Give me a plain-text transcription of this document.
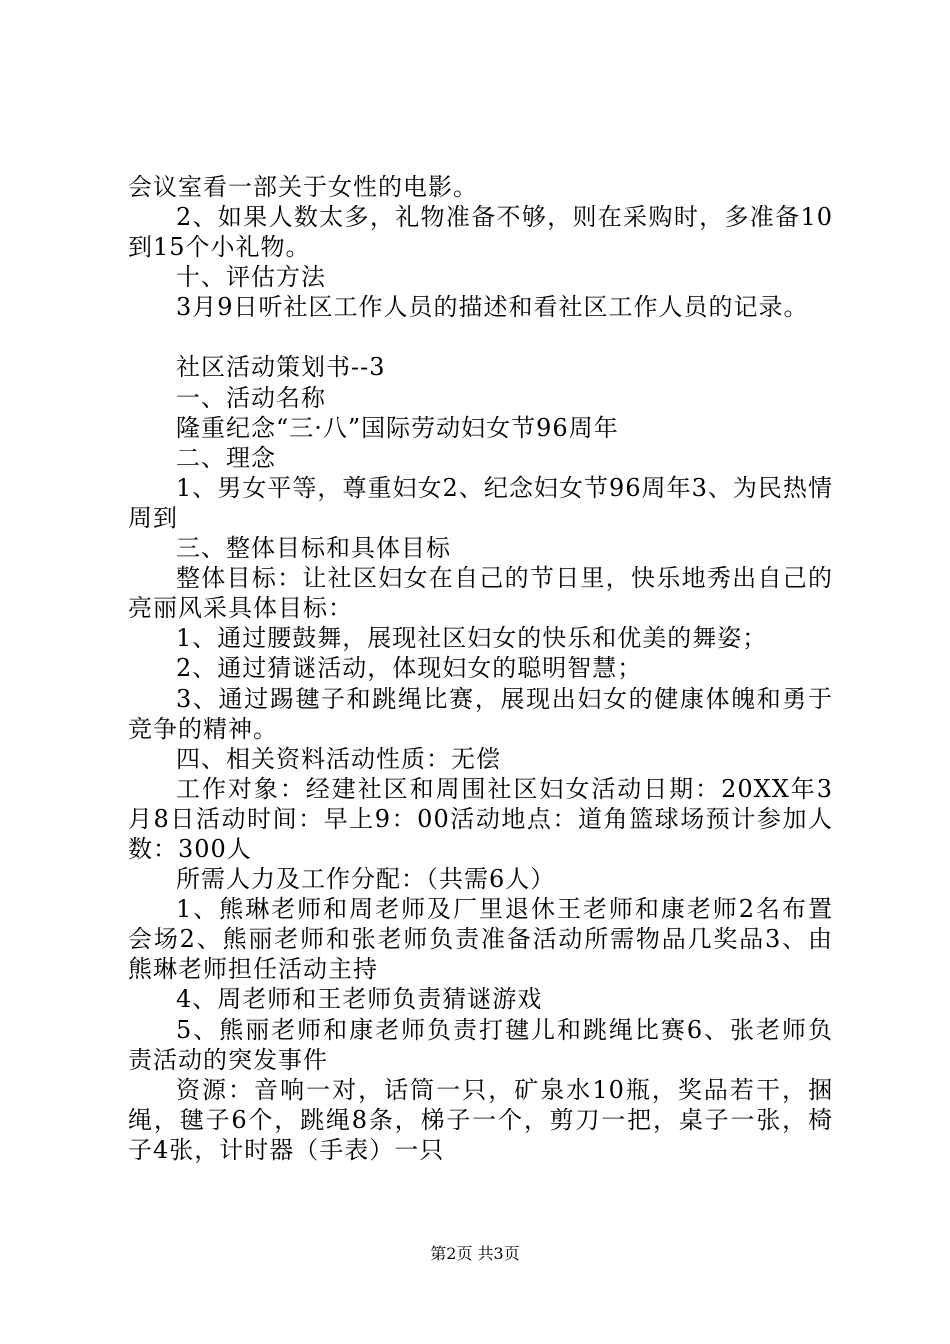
会议室看一部关于女性的电影。

2、如果人数太多，礼物准备不够，则在采购时，多准备10到15个小礼物。

十、评估方法

3月9日听社区工作人员的描述和看社区工作人员的记录。

社区活动策划书--3

一、活动名称

隆重纪念“三·八”国际劳动妇女节96周年

二、理念

1、男女平等，尊重妇女2、纪念妇女节96周年3、为民热情周到

三、整体目标和具体目标

整体目标：让社区妇女在自己的节日里，快乐地秀出自己的亮丽风采具体目标：

1、通过腰鼓舞，展现社区妇女的快乐和优美的舞姿；

2、通过猜谜活动，体现妇女的聪明智慧；

3、通过踢毽子和跳绳比赛，展现出妇女的健康体魄和勇于竞争的精神。

四、相关资料活动性质：无偿

工作对象：经建社区和周围社区妇女活动日期：20XX年3月8日活动时间：早上9：00活动地点：道角篮球场预计参加人数：300人

所需人力及工作分配：（共需6人）

1、熊琳老师和周老师及厂里退休王老师和康老师2名布置会场2、熊丽老师和张老师负责准备活动所需物品几奖品3、由熊琳老师担任活动主持

4、周老师和王老师负责猜谜游戏

5、熊丽老师和康老师负责打毽儿和跳绳比赛6、张老师负责活动的突发事件

资源：音响一对，话筒一只，矿泉水10瓶，奖品若干，捆绳，毽子6个，跳绳8条，梯子一个，剪刀一把，桌子一张，椅子4张，计时器（手表）一只

第2页 共3页
